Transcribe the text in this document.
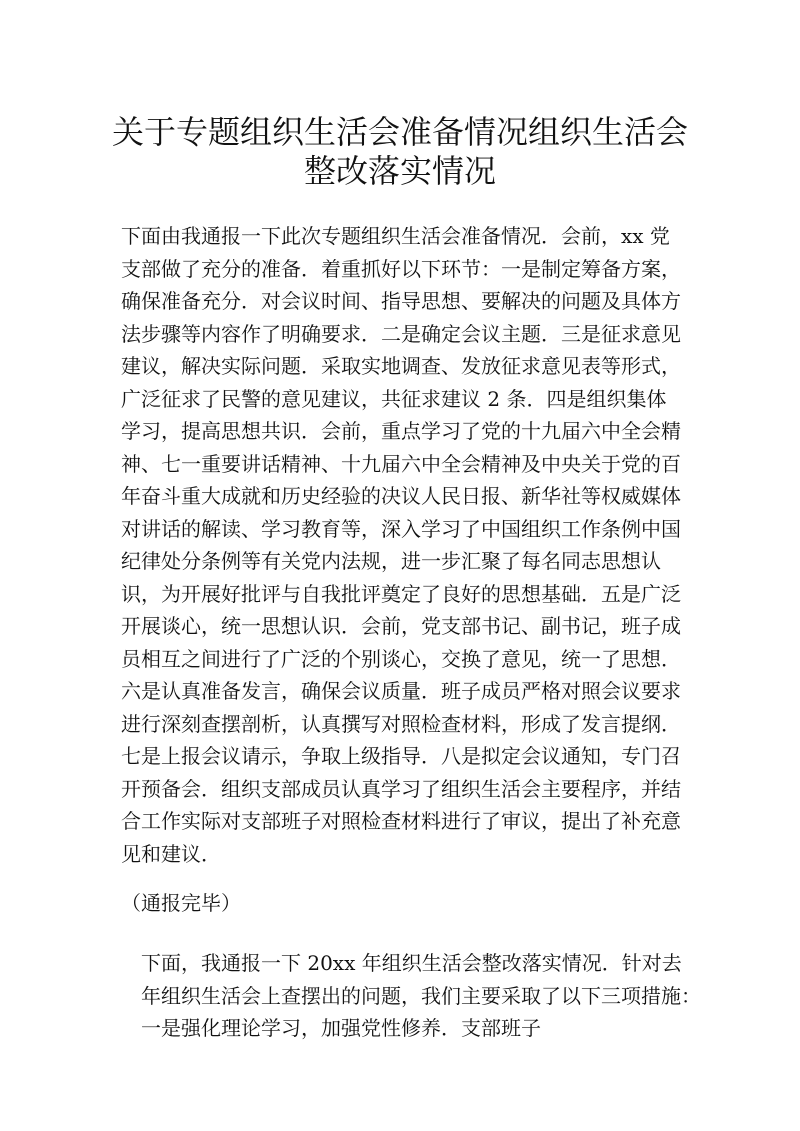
关于专题组织生活会准备情况组织生活会
整改落实情况

下面由我通报一下此次专题组织生活会准备情况．会前，xx 党支部做了充分的准备．着重抓好以下环节：一是制定筹备方案，确保准备充分．对会议时间、指导思想、要解决的问题及具体方法步骤等内容作了明确要求．二是确定会议主题．三是征求意见建议，解决实际问题．采取实地调查、发放征求意见表等形式，广泛征求了民警的意见建议，共征求建议 2 条．四是组织集体学习，提高思想共识．会前，重点学习了党的十九届六中全会精神、七一重要讲话精神、十九届六中全会精神及中央关于党的百年奋斗重大成就和历史经验的决议人民日报、新华社等权威媒体对讲话的解读、学习教育等，深入学习了中国组织工作条例中国纪律处分条例等有关党内法规，进一步汇聚了每名同志思想认识，为开展好批评与自我批评奠定了良好的思想基础．五是广泛开展谈心，统一思想认识．会前，党支部书记、副书记，班子成员相互之间进行了广泛的个别谈心，交换了意见，统一了思想．六是认真准备发言，确保会议质量．班子成员严格对照会议要求进行深刻查摆剖析，认真撰写对照检查材料，形成了发言提纲．七是上报会议请示，争取上级指导．八是拟定会议通知，专门召开预备会．组织支部成员认真学习了组织生活会主要程序，并结合工作实际对支部班子对照检查材料进行了审议，提出了补充意见和建议．

（通报完毕）

下面，我通报一下 20xx 年组织生活会整改落实情况．针对去年组织生活会上查摆出的问题，我们主要采取了以下三项措施：一是强化理论学习，加强党性修养．支部班子
